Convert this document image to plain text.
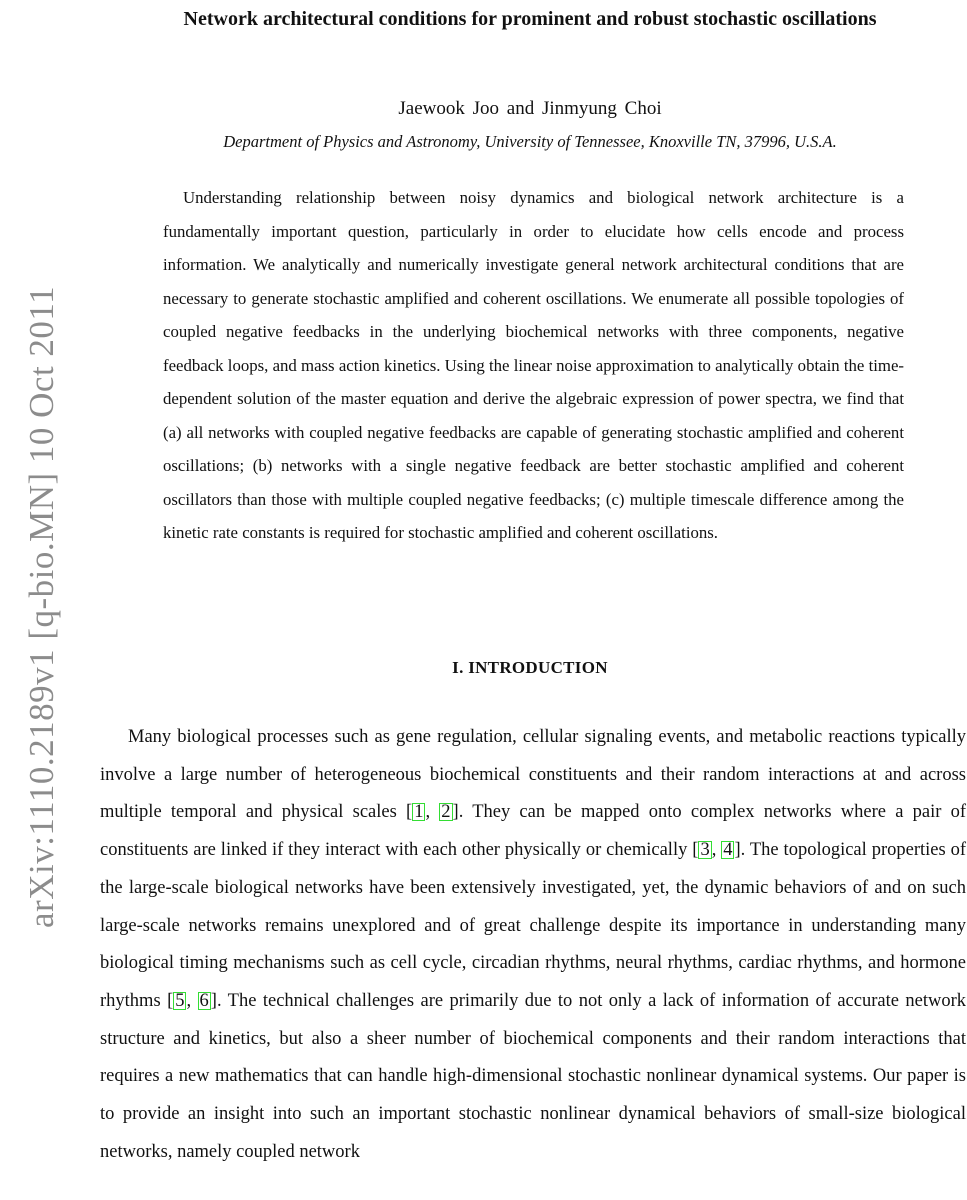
arXiv:1110.2189v1 [q-bio.MN] 10 Oct 2011
Network architectural conditions for prominent and robust stochastic oscillations
Jaewook Joo and Jinmyung Choi
Department of Physics and Astronomy, University of Tennessee, Knoxville TN, 37996, U.S.A.

Understanding relationship between noisy dynamics and biological network architecture is a fundamentally important question, particularly in order to elucidate how cells encode and process information. We analytically and numerically investigate general network architectural conditions that are necessary to generate stochastic amplified and coherent oscillations. We enumerate all possible topologies of coupled negative feedbacks in the underlying biochemical networks with three components, negative feedback loops, and mass action kinetics. Using the linear noise approximation to analytically obtain the time-dependent solution of the master equation and derive the algebraic expression of power spectra, we find that (a) all networks with coupled negative feedbacks are capable of generating stochastic amplified and coherent oscillations; (b) networks with a single negative feedback are better stochastic amplified and coherent oscillators than those with multiple coupled negative feedbacks; (c) multiple timescale difference among the kinetic rate constants is required for stochastic amplified and coherent oscillations.

I. INTRODUCTION

Many biological processes such as gene regulation, cellular signaling events, and metabolic reactions typically involve a large number of heterogeneous biochemical constituents and their random interactions at and across multiple temporal and physical scales [ 1 , 2 ]. They can be mapped onto complex networks where a pair of constituents are linked if they interact with each other physically or chemically [ 3 , 4 ]. The topological properties of the large-scale biological networks have been extensively investigated, yet, the dynamic behaviors of and on such large-scale networks remains unexplored and of great challenge despite its importance in understanding many biological timing mechanisms such as cell cycle, circadian rhythms, neural rhythms, cardiac rhythms, and hormone rhythms [ 5 , 6 ]. The technical challenges are primarily due to not only a lack of information of accurate network structure and kinetics, but also a sheer number of biochemical components and their random interactions that requires a new mathematics that can handle high-dimensional stochastic nonlinear dynamical systems. Our paper is to provide an insight into such an important stochastic nonlinear dynamical behaviors of small-size biological networks, namely coupled network
